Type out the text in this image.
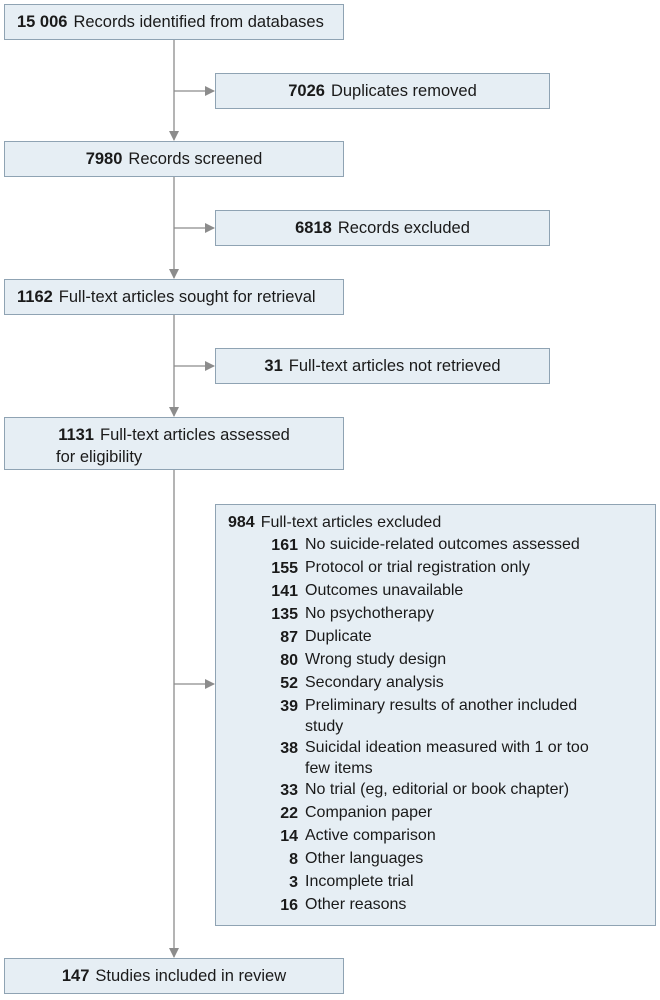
15 006 Records identified from databases
7026 Duplicates removed
7980 Records screened
6818 Records excluded
1162 Full-text articles sought for retrieval
31 Full-text articles not retrieved
1131 Full-text articles assessed
for eligibility
984 Full-text articles excluded
161 No suicide-related outcomes assessed
155 Protocol or trial registration only
141 Outcomes unavailable
135 No psychotherapy
87 Duplicate
80 Wrong study design
52 Secondary analysis
39 Preliminary results of another included study
38 Suicidal ideation measured with 1 or too few items
33 No trial (eg, editorial or book chapter)
22 Companion paper
14 Active comparison
8 Other languages
3 Incomplete trial
16 Other reasons
147 Studies included in review
